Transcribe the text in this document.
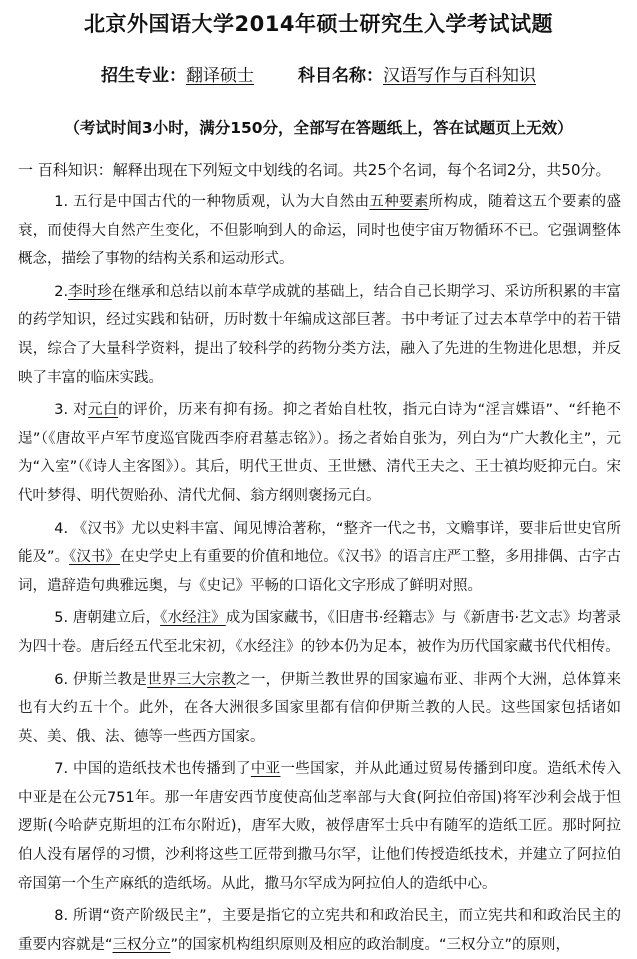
北京外国语大学2014年硕士研究生入学考试试题
招生专业：翻译硕士	科目名称：汉语写作与百科知识
（考试时间3小时，满分150分，全部写在答题纸上，答在试题页上无效）
一 百科知识：解释出现在下列短文中划线的名词。共25个名词，每个名词2分，共50分。
1. 五行是中国古代的一种物质观，认为大自然由五种要素所构成，随着这五个要素的盛衰，而使得大自然产生变化，不但影响到人的命运，同时也使宇宙万物循环不已。它强调整体概念，描绘了事物的结构关系和运动形式。
2.李时珍在继承和总结以前本草学成就的基础上，结合自己长期学习、采访所积累的丰富的药学知识，经过实践和钻研，历时数十年编成这部巨著。书中考证了过去本草学中的若干错误，综合了大量科学资料，提出了较科学的药物分类方法，融入了先进的生物进化思想，并反映了丰富的临床实践。
3. 对元白的评价，历来有抑有扬。抑之者始自杜牧，指元白诗为“淫言媟语”、“纤艳不逞”（《唐故平卢军节度巡官陇西李府君墓志铭》）。扬之者始自张为，列白为“广大教化主”，元为“入室”（《诗人主客图》）。其后，明代王世贞、王世懋、清代王夫之、王士禛均贬抑元白。宋代叶梦得、明代贺贻孙、清代尤侗、翁方纲则褒扬元白。
4. 《汉书》尤以史料丰富、闻见博洽著称，“整齐一代之书，文赡事详，要非后世史官所能及”。《汉书》在史学史上有重要的价值和地位。《汉书》的语言庄严工整，多用排偶、古字古词，遣辞造句典雅远奥，与《史记》平畅的口语化文字形成了鲜明对照。
5. 唐朝建立后，《水经注》成为国家藏书，《旧唐书·经籍志》与《新唐书·艺文志》均著录为四十卷。唐后经五代至北宋初，《水经注》的钞本仍为足本，被作为历代国家藏书代代相传。
6. 伊斯兰教是世界三大宗教之一，伊斯兰教世界的国家遍布亚、非两个大洲，总体算来也有大约五十个。此外，在各大洲很多国家里都有信仰伊斯兰教的人民。这些国家包括诸如英、美、俄、法、德等一些西方国家。
7. 中国的造纸技术也传播到了中亚一些国家，并从此通过贸易传播到印度。造纸术传入中亚是在公元751年。那一年唐安西节度使高仙芝率部与大食(阿拉伯帝国)将军沙利会战于怛逻斯(今哈萨克斯坦的江布尔附近)，唐军大败，被俘唐军士兵中有随军的造纸工匠。那时阿拉伯人没有屠俘的习惯，沙利将这些工匠带到撒马尔罕，让他们传授造纸技术，并建立了阿拉伯帝国第一个生产麻纸的造纸场。从此，撒马尔罕成为阿拉伯人的造纸中心。
8. 所谓“资产阶级民主”，主要是指它的立宪共和和政治民主，而立宪共和和政治民主的重要内容就是“三权分立”的国家机构组织原则及相应的政治制度。“三权分立”的原则，
